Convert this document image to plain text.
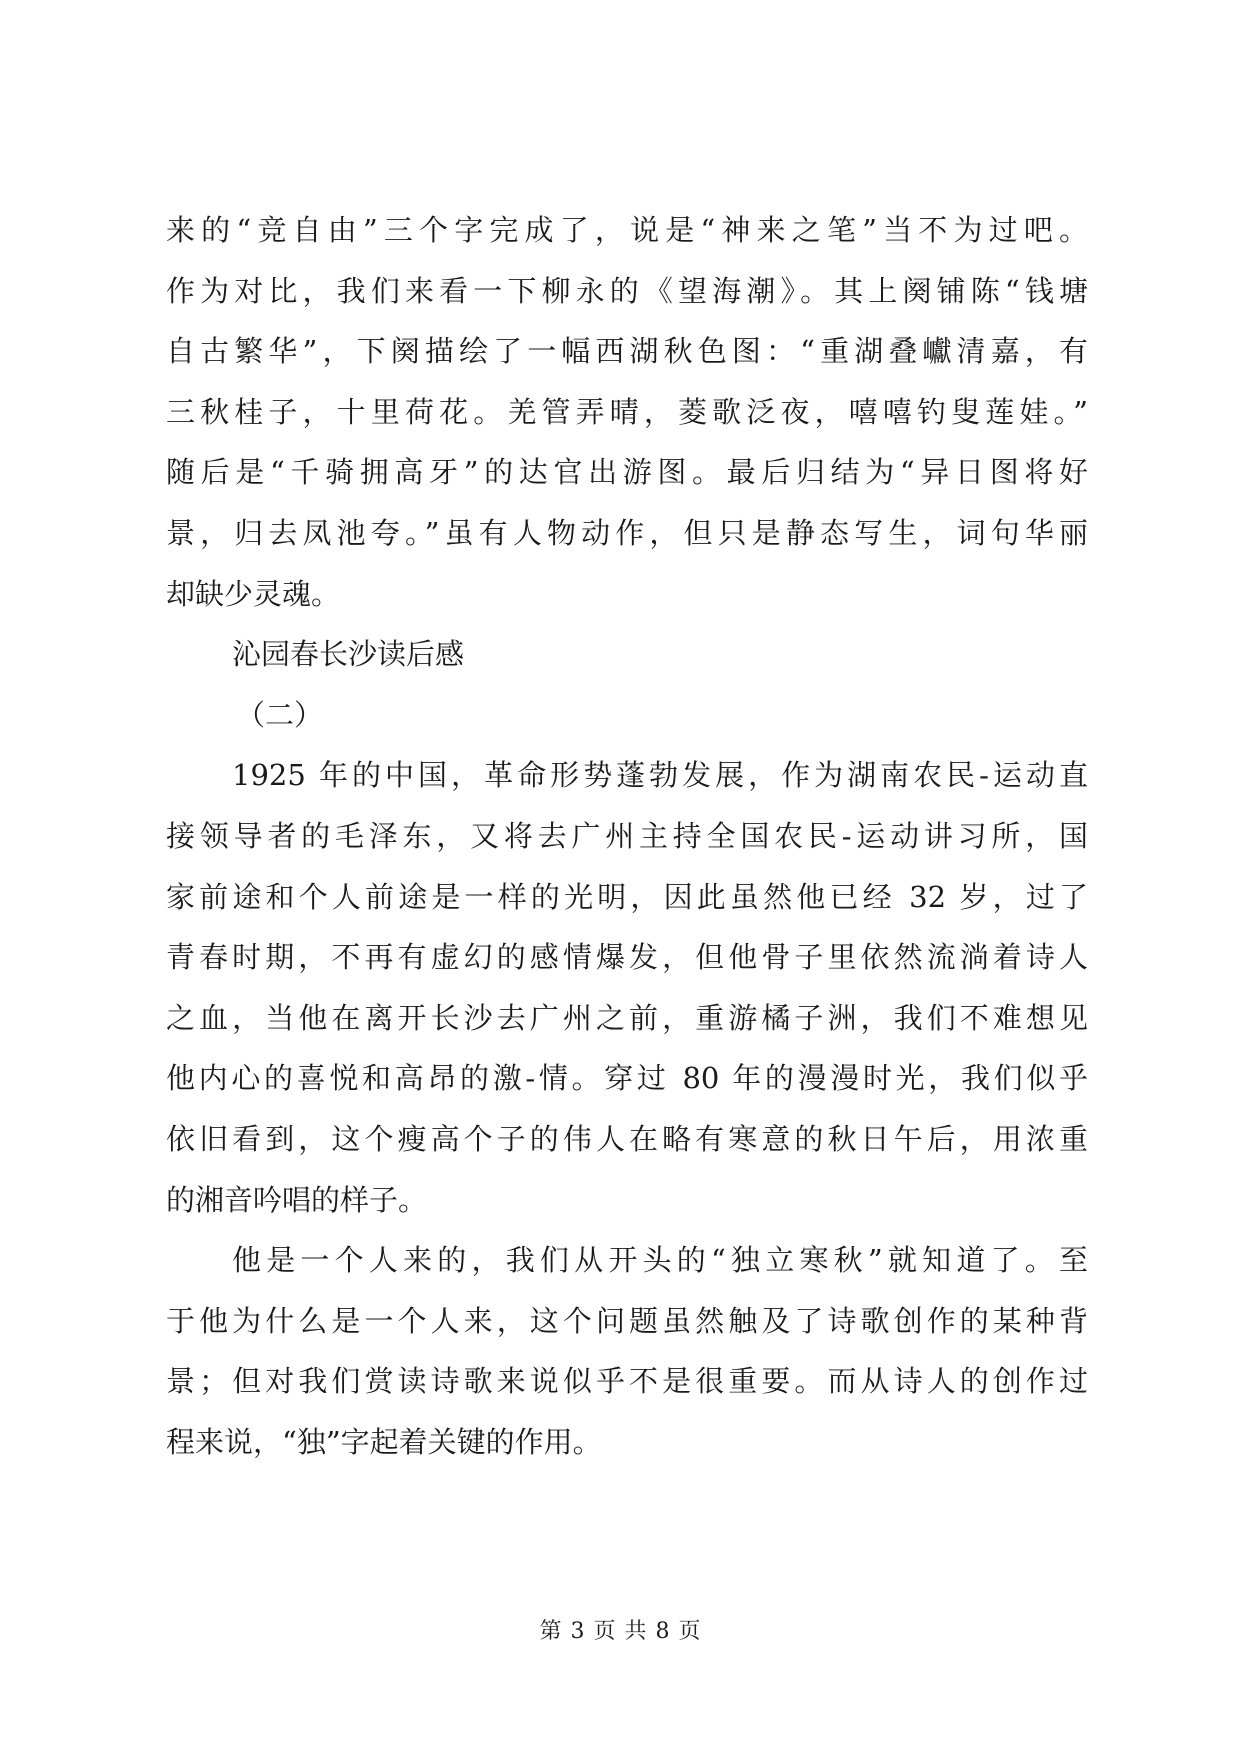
来的“竞自由”三个字完成了，说是“神来之笔”当不为过吧。
作为对比，我们来看一下柳永的《望海潮》。其上阕铺陈“钱塘
自古繁华”，下阕描绘了一幅西湖秋色图：“重湖叠巘清嘉，有
三秋桂子，十里荷花。羌管弄晴，菱歌泛夜，嘻嘻钓叟莲娃。”
随后是“千骑拥高牙”的达官出游图。最后归结为“异日图将好
景，归去凤池夸。”虽有人物动作，但只是静态写生，词句华丽
却缺少灵魂。
沁园春长沙读后感
（二）
1925 年的中国，革命形势蓬勃发展，作为湖南农民-运动直
接领导者的毛泽东，又将去广州主持全国农民-运动讲习所，国
家前途和个人前途是一样的光明，因此虽然他已经 32 岁，过了
青春时期，不再有虚幻的感情爆发，但他骨子里依然流淌着诗人
之血，当他在离开长沙去广州之前，重游橘子洲，我们不难想见
他内心的喜悦和高昂的激-情。穿过 80 年的漫漫时光，我们似乎
依旧看到，这个瘦高个子的伟人在略有寒意的秋日午后，用浓重
的湘音吟唱的样子。
他是一个人来的，我们从开头的“独立寒秋”就知道了。至
于他为什么是一个人来，这个问题虽然触及了诗歌创作的某种背
景；但对我们赏读诗歌来说似乎不是很重要。而从诗人的创作过
程来说，“独”字起着关键的作用。
第 3 页 共 8 页
